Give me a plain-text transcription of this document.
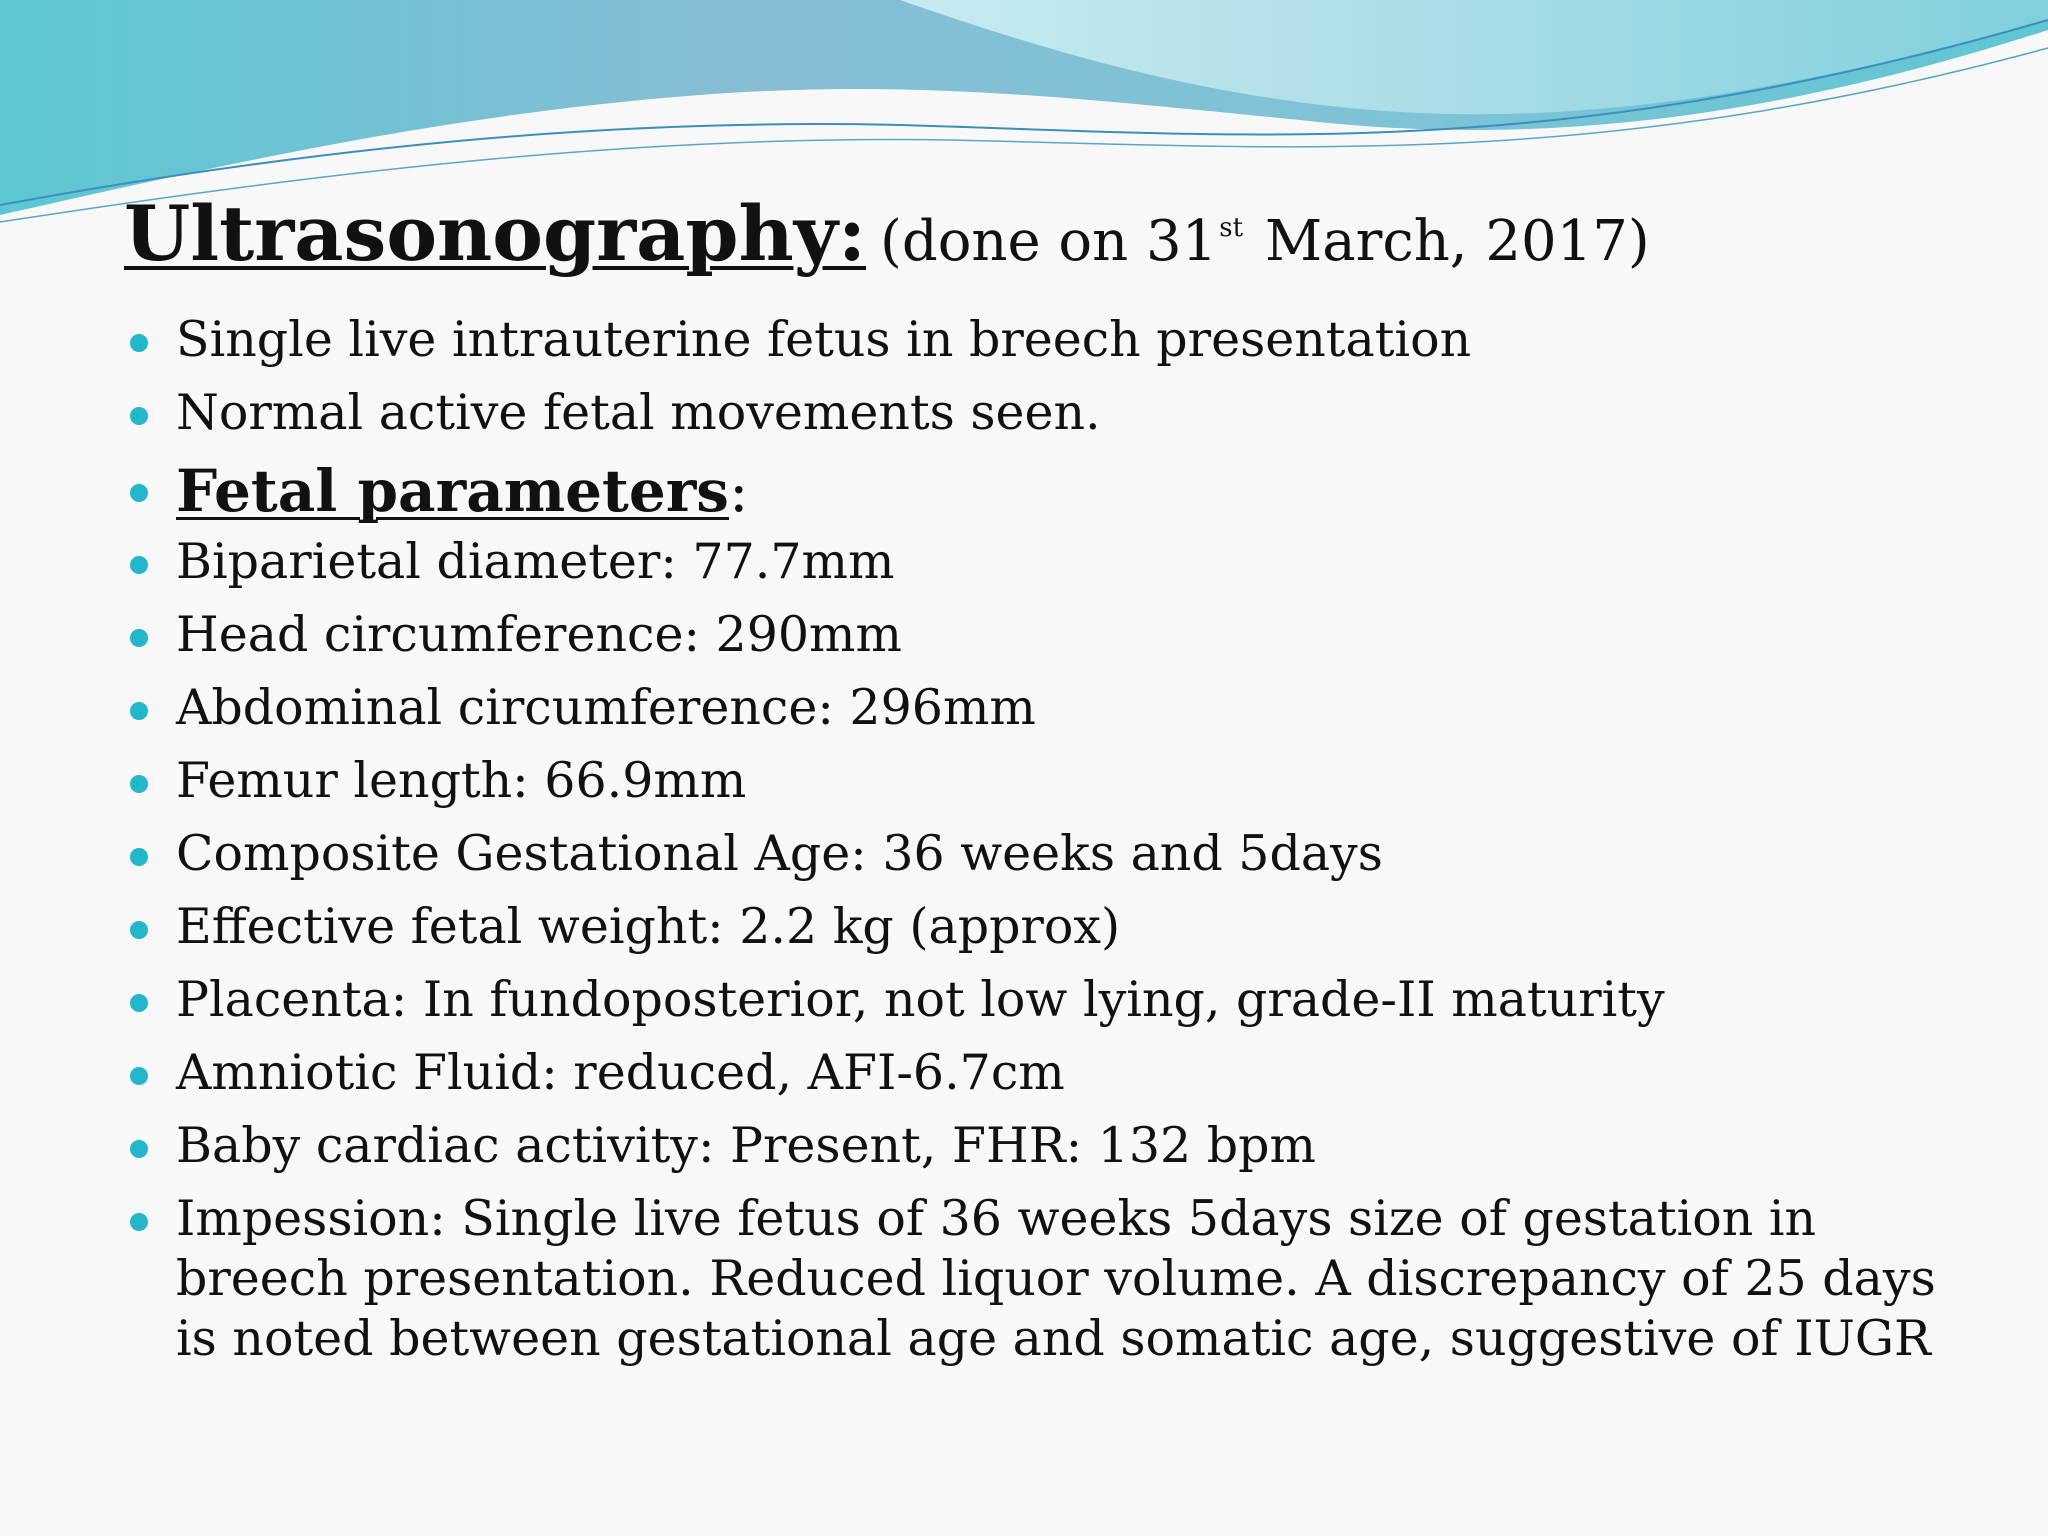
Ultrasonography: (done on 31st March, 2017)
Single live intrauterine fetus in breech presentation
Normal active fetal movements seen.
Fetal parameters:
Biparietal diameter: 77.7mm
Head circumference: 290mm
Abdominal circumference: 296mm
Femur length: 66.9mm
Composite Gestational Age: 36 weeks and 5days
Effective fetal weight: 2.2 kg (approx)
Placenta: In fundoposterior, not low lying, grade-II maturity
Amniotic Fluid: reduced, AFI-6.7cm
Baby cardiac activity: Present, FHR: 132 bpm
Impession: Single live fetus of 36 weeks 5days size of gestation in breech presentation. Reduced liquor volume. A discrepancy of 25 days is noted between gestational age and somatic age, suggestive of IUGR
